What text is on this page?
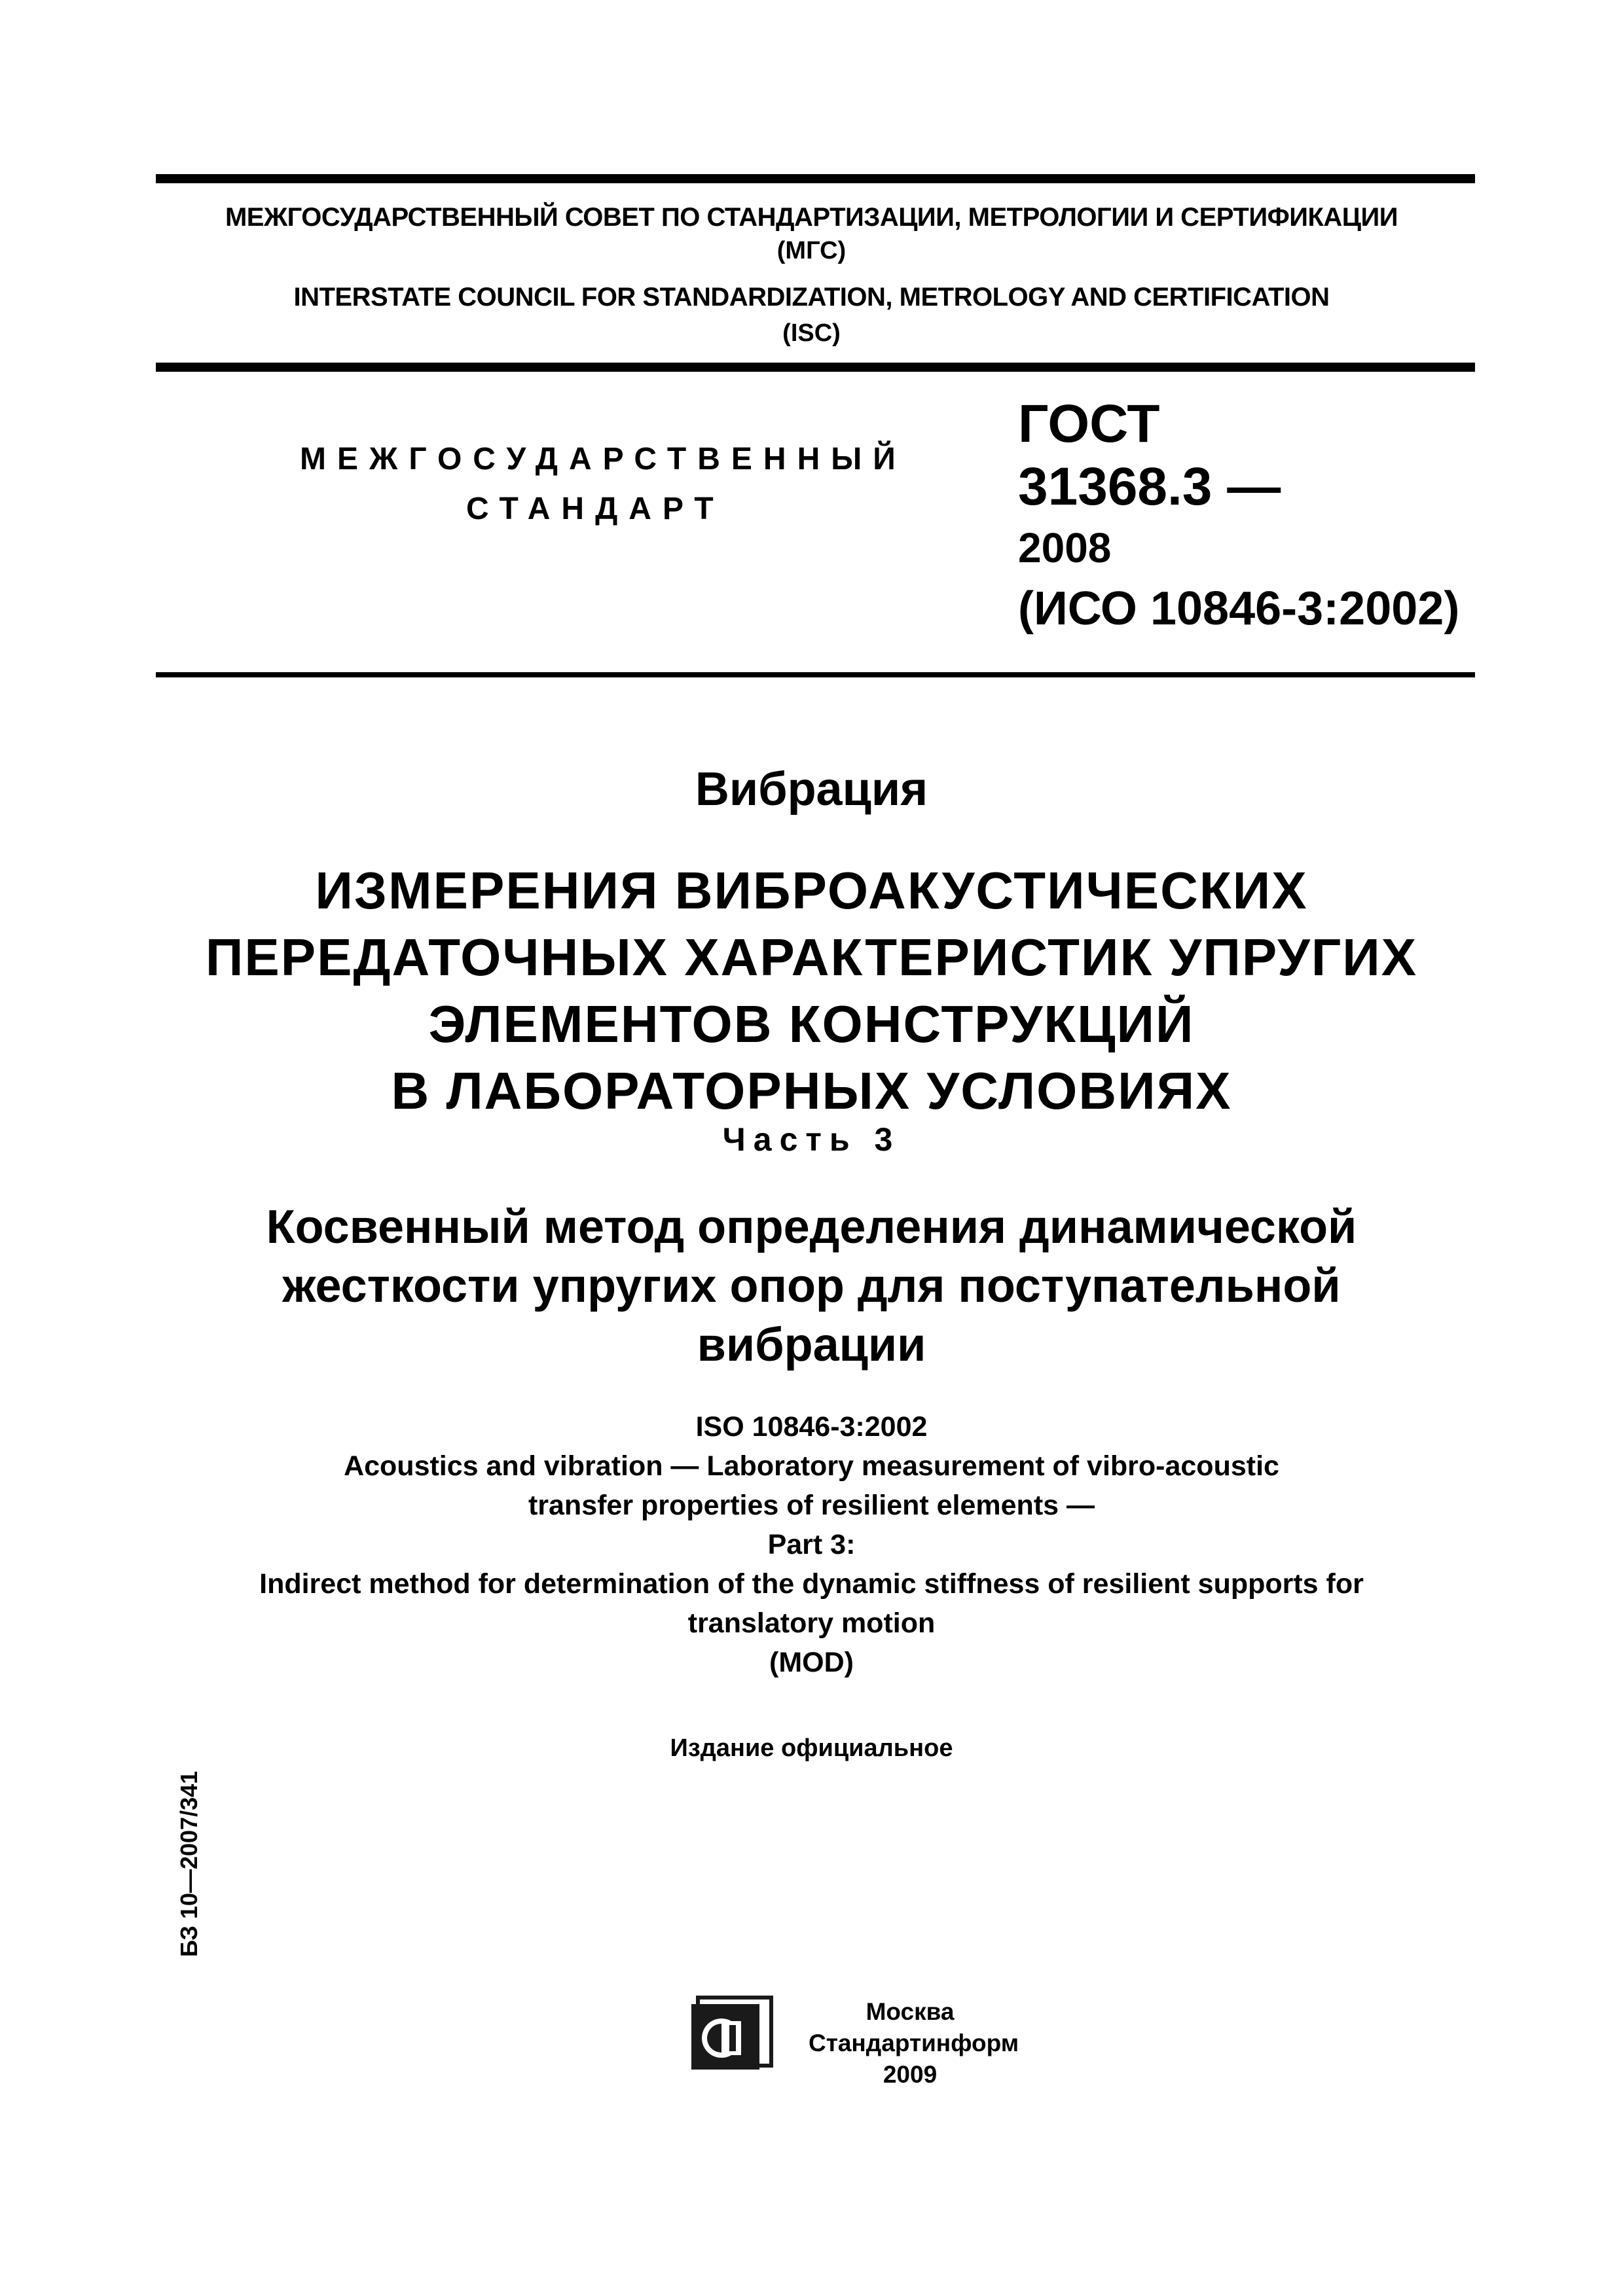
МЕЖГОСУДАРСТВЕННЫЙ СОВЕТ ПО СТАНДАРТИЗАЦИИ, МЕТРОЛОГИИ И СЕРТИФИКАЦИИ
(МГС)
INTERSTATE COUNCIL FOR STANDARDIZATION, METROLOGY AND CERTIFICATION
(ISC)
МЕЖГОСУДАРСТВЕННЫЙ
СТАНДАРТ
ГОСТ
31368.3 —
2008
(ИСО 10846-3:2002)
Вибрация
ИЗМЕРЕНИЯ ВИБРОАКУСТИЧЕСКИХ
ПЕРЕДАТОЧНЫХ ХАРАКТЕРИСТИК УПРУГИХ
ЭЛЕМЕНТОВ КОНСТРУКЦИЙ
В ЛАБОРАТОРНЫХ УСЛОВИЯХ
Часть 3
Косвенный метод определения динамической
жесткости упругих опор для поступательной
вибрации
ISO 10846-3:2002
Acoustics and vibration — Laboratory measurement of vibro-acoustic
transfer properties of resilient elements —
Part 3:
Indirect method for determination of the dynamic stiffness of resilient supports for
translatory motion
(MOD)
Издание официальное
БЗ 10—2007/341
Москва
Стандартинформ
2009
